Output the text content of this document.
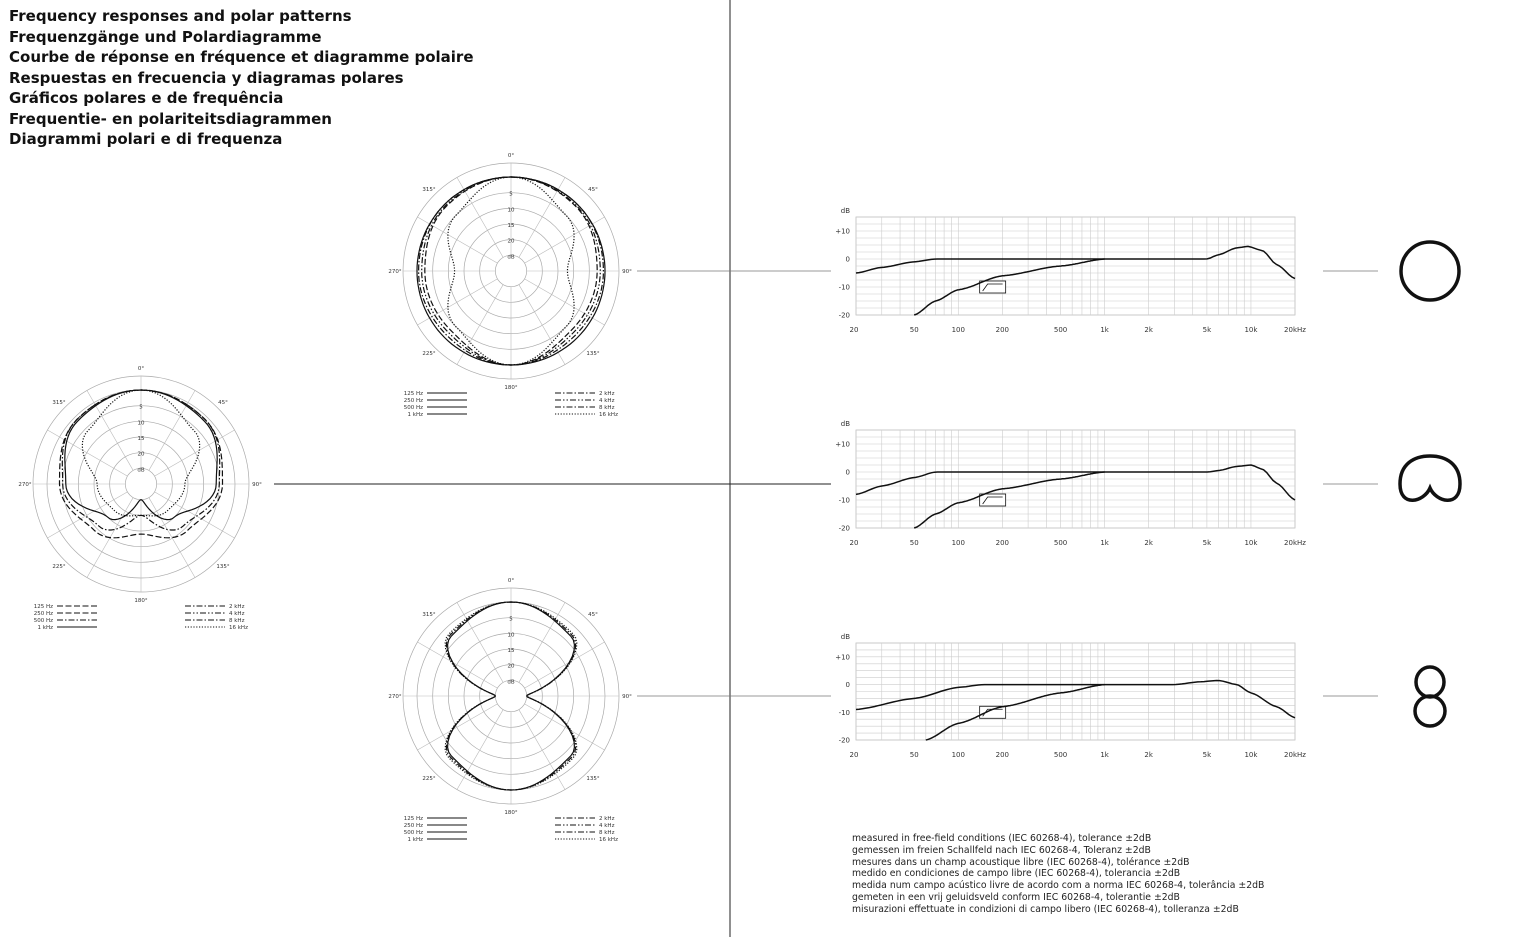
Frequency responses and polar patterns
Frequenzgänge und Polardiagramme
Courbe de réponse en fréquence et diagramme polaire
Respuestas en frecuencia y diagramas polares
Gráficos polares e de frequência
Frequentie- en polariteitsdiagrammen
Diagrammi polari e di frequenza
0°
45°
90°
135°
180°
225°
270°
315°
5
10
15
20
dB
125 Hz
250 Hz
500 Hz
1 kHz
2 kHz
4 kHz
8 kHz
16 kHz
0°
45°
90°
135°
180°
225°
270°
315°
5
10
15
20
dB
125 Hz
250 Hz
500 Hz
1 kHz
2 kHz
4 kHz
8 kHz
16 kHz
0°
45°
90°
135°
180°
225°
270°
315°
5
10
15
20
dB
125 Hz
250 Hz
500 Hz
1 kHz
2 kHz
4 kHz
8 kHz
16 kHz
+10
0
-10
-20
dB
20	50	100	200	500	1k	2k	5k	10k	20kHz
+10
0
-10
-20
dB
20	50	100	200	500	1k	2k	5k	10k	20kHz
+10
0
-10
-20
dB
20	50	100	200	500	1k	2k	5k	10k	20kHz
measured in free-field conditions (IEC 60268-4), tolerance ±2dB
gemessen im freien Schallfeld nach IEC 60268-4, Toleranz ±2dB
mesures dans un champ acoustique libre (IEC 60268-4), tolérance ±2dB
medido en condiciones de campo libre (IEC 60268-4), tolerancia ±2dB
medida num campo acústico livre de acordo com a norma IEC 60268-4, tolerância ±2dB
gemeten in een vrij geluidsveld conform IEC 60268-4, tolerantie ±2dB
misurazioni effettuate in condizioni di campo libero (IEC 60268-4), tolleranza ±2dB
